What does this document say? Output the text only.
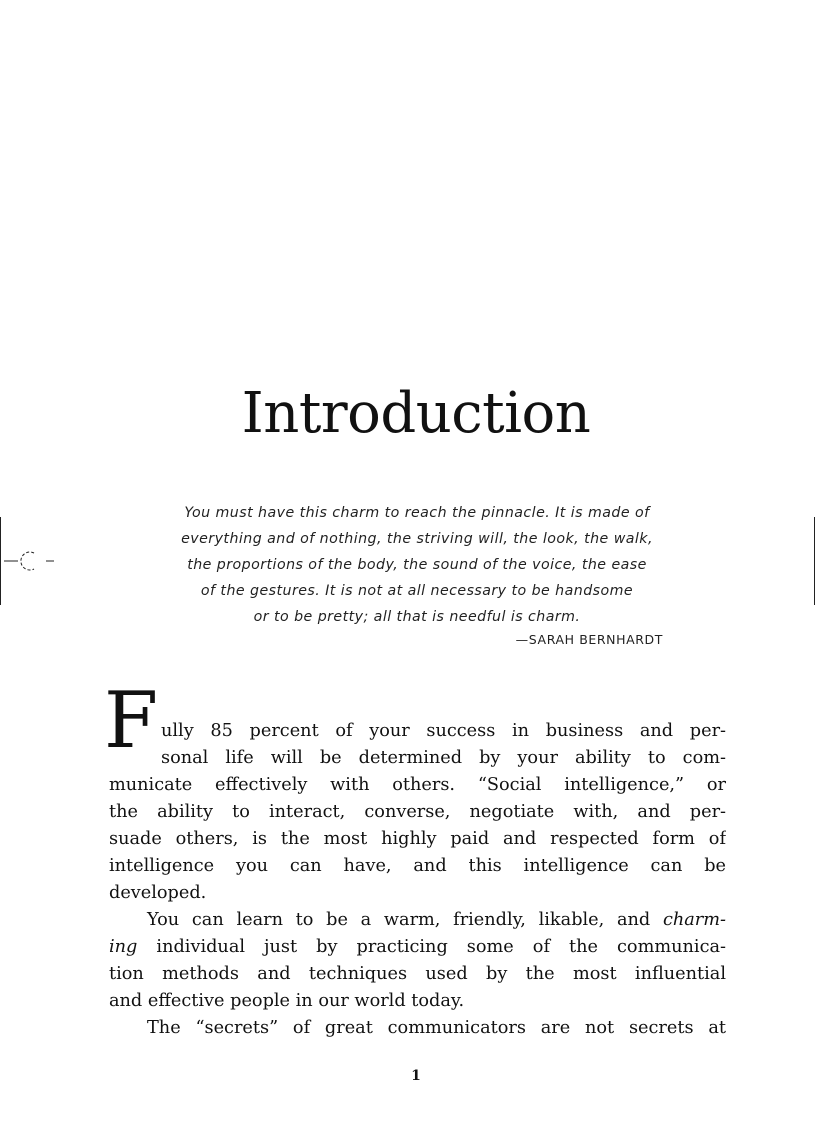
Introduction
You must have this charm to reach the pinnacle. It is made of
everything and of nothing, the striving will, the look, the walk,
the proportions of the body, the sound of the voice, the ease
of the gestures. It is not at all necessary to be handsome
or to be pretty; all that is needful is charm.
—SARAH BERNHARDT
F ully 85 percent of your success in business and per-
sonal life will be determined by your ability to com-
municate effectively with others. “Social intelligence,” or
the ability to interact, converse, negotiate with, and per-
suade others, is the most highly paid and respected form of
intelligence you can have, and this intelligence can be
developed.
You can learn to be a warm, friendly, likable, and charm-
ing individual just by practicing some of the communica-
tion methods and techniques used by the most influential
and effective people in our world today.
The “secrets” of great communicators are not secrets at
1
